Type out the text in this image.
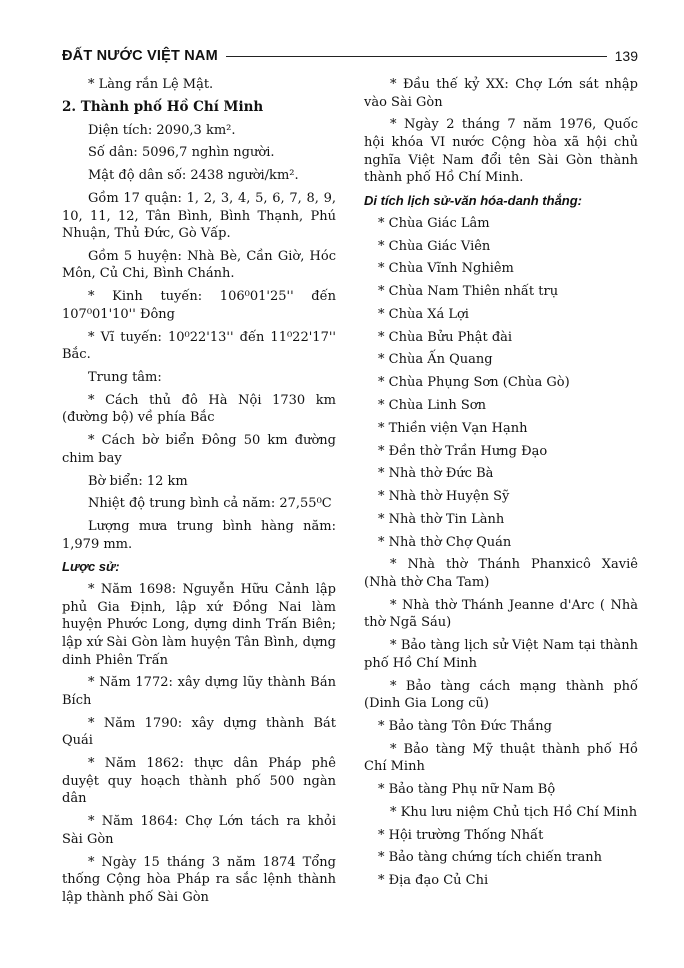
ĐẤT NƯỚC VIỆT NAM	139

* Làng rắn Lệ Mật.

2. Thành phố Hồ Chí Minh

Diện tích: 2090,3 km².

Số dân: 5096,7 nghìn người.

Mật độ dân số: 2438 người/km².

Gồm 17 quận: 1, 2, 3, 4, 5, 6, 7, 8, 9, 10, 11, 12, Tân Bình, Bình Thạnh, Phú Nhuận, Thủ Đức, Gò Vấp.

Gồm 5 huyện: Nhà Bè, Cần Giờ, Hóc Môn, Củ Chi, Bình Chánh.

* Kinh tuyến: 106⁰01'25'' đến 107⁰01'10'' Đông

* Vĩ tuyến: 10⁰22'13'' đến 11⁰22'17'' Bắc.

Trung tâm:

* Cách thủ đô Hà Nội 1730 km (đường bộ) về phía Bắc

* Cách bờ biển Đông 50 km đường chim bay

Bờ biển: 12 km

Nhiệt độ trung bình cả năm: 27,55⁰C

Lượng mưa trung bình hàng năm: 1,979 mm.

Lược sử:

* Năm 1698: Nguyễn Hữu Cảnh lập phủ Gia Định, lập xứ Đồng Nai làm huyện Phước Long, dựng dinh Trấn Biên; lập xứ Sài Gòn làm huyện Tân Bình, dựng dinh Phiên Trấn

* Năm 1772: xây dựng lũy thành Bán Bích

* Năm 1790: xây dựng thành Bát Quái

* Năm 1862: thực dân Pháp phê duyệt quy hoạch thành phố 500 ngàn dân

* Năm 1864: Chợ Lớn tách ra khỏi Sài Gòn

* Ngày 15 tháng 3 năm 1874 Tổng thống Cộng hòa Pháp ra sắc lệnh thành lập thành phố Sài Gòn

* Đầu thế kỷ XX: Chợ Lớn sát nhập vào Sài Gòn

* Ngày 2 tháng 7 năm 1976, Quốc hội khóa VI nước Cộng hòa xã hội chủ nghĩa Việt Nam đổi tên Sài Gòn thành thành phố Hồ Chí Minh.

Di tích lịch sử-văn hóa-danh thắng:

* Chùa Giác Lâm

* Chùa Giác Viên

* Chùa Vĩnh Nghiêm

* Chùa Nam Thiên nhất trụ

* Chùa Xá Lợi

* Chùa Bửu Phật đài

* Chùa Ấn Quang

* Chùa Phụng Sơn (Chùa Gò)

* Chùa Linh Sơn

* Thiền viện Vạn Hạnh

* Đền thờ Trần Hưng Đạo

* Nhà thờ Đức Bà

* Nhà thờ Huyện Sỹ

* Nhà thờ Tin Lành

* Nhà thờ Chợ Quán

* Nhà thờ Thánh Phanxicô Xaviê (Nhà thờ Cha Tam)

* Nhà thờ Thánh Jeanne d'Arc ( Nhà thờ Ngã Sáu)

* Bảo tàng lịch sử Việt Nam tại thành phố Hồ Chí Minh

* Bảo tàng cách mạng thành phố (Dinh Gia Long cũ)

* Bảo tàng Tôn Đức Thắng

* Bảo tàng Mỹ thuật thành phố Hồ Chí Minh

* Bảo tàng Phụ nữ Nam Bộ

* Khu lưu niệm Chủ tịch Hồ Chí Minh

* Hội trường Thống Nhất

* Bảo tàng chứng tích chiến tranh

* Địa đạo Củ Chi
